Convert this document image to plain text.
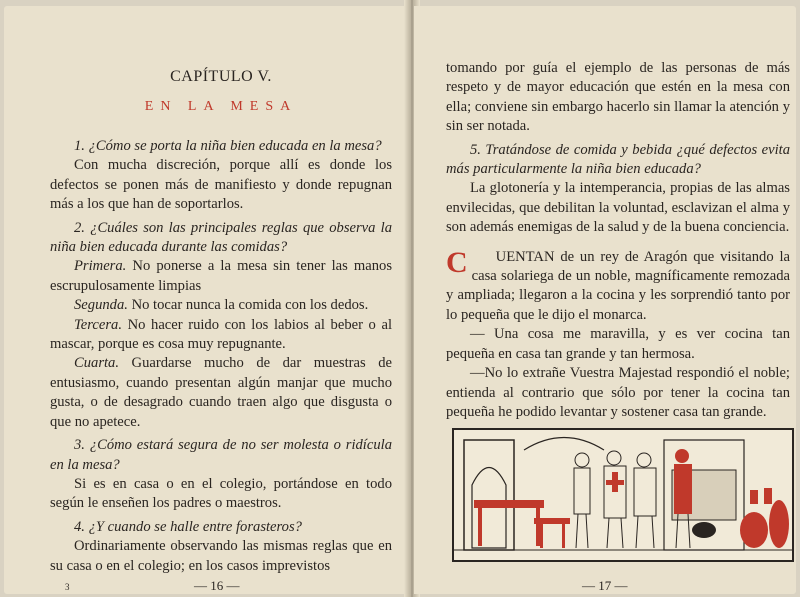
CAPÍTULO V.
EN LA MESA

1. ¿Cómo se porta la niña bien educada en la mesa?

Con mucha discreción, porque allí es donde los defectos se ponen más de manifiesto y donde repugnan más a los que han de soportarlos.

2. ¿Cuáles son las principales reglas que observa la niña bien educada durante las comidas?

Primera. No ponerse a la mesa sin tener las manos escrupulosamente limpias

Segunda. No tocar nunca la comida con los dedos.

Tercera. No hacer ruido con los labios al beber o al mascar, porque es cosa muy repugnante.

Cuarta. Guardarse mucho de dar muestras de entusiasmo, cuando presentan algún manjar que mucho gusta, o de desagrado cuando traen algo que disgusta o que no apetece.

3. ¿Cómo estará segura de no ser molesta o ridícula en la mesa?

Si es en casa o en el colegio, portándose en todo según le enseñen los padres o maestros.

4. ¿Y cuando se halle entre forasteros?

Ordinariamente observando las mismas reglas que en su casa o en el colegio; en los casos imprevistos

— 16 —

tomando por guía el ejemplo de las personas de más respeto y de mayor educación que estén en la mesa con ella; conviene sin embargo hacerlo sin llamar la atención y sin ser notada.

5. Tratándose de comida y bebida ¿qué defectos evita más particularmente la niña bien educada?

La glotonería y la intemperancia, propias de las almas envilecidas, que debilitan la voluntad, esclavizan el alma y son además enemigas de la salud y de la buena conciencia.

C UENTAN de un rey de Aragón que visitando la casa solariega de un noble, magníficamente remozada y ampliada; llegaron a la cocina y les sorprendió tanto por lo pequeña que le dijo el monarca.

— Una cosa me maravilla, y es ver cocina tan pequeña en casa tan grande y tan hermosa.

—No lo extrañe Vuestra Majestad respondió el noble; entienda al contrario que sólo por tener la cocina tan pequeña he podido levantar y sostener casa tan grande.

— 17 —
3
